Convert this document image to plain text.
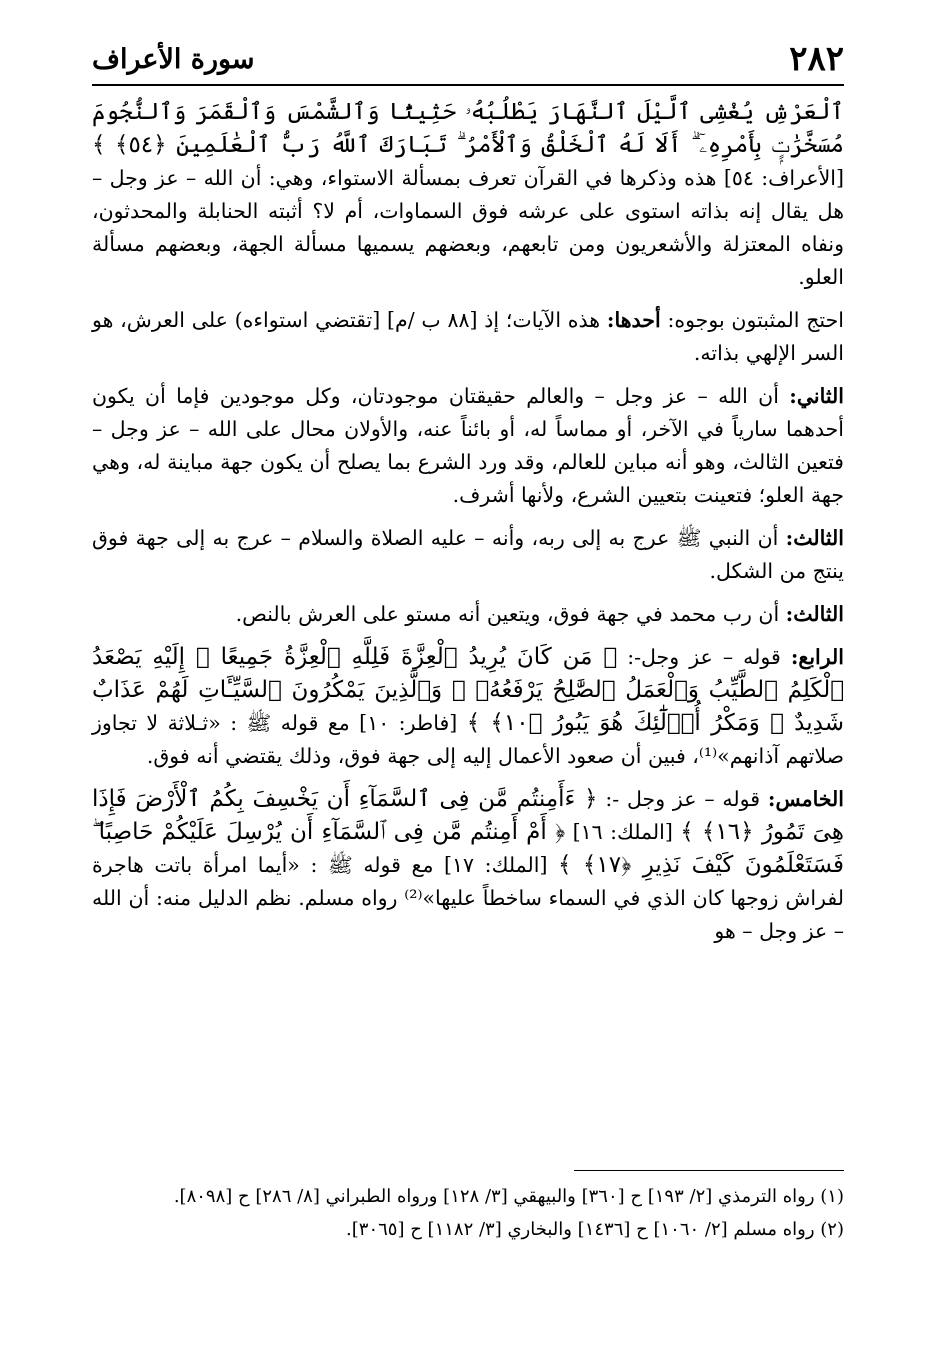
٢٨٢
سورة الأعراف

ٱلْعَرْشِ يُغْشِى ٱلَّيْلَ ٱلنَّهَارَ يَطْلُبُهُۥ حَثِيثًا وَٱلشَّمْسَ وَٱلْقَمَرَ وَٱلنُّجُومَ مُسَخَّرَٰتٍۭ بِأَمْرِهِۦٓ ۗ أَلَا لَهُ ٱلْخَلْقُ وَٱلْأَمْرُ ۗ تَبَارَكَ ٱللَّهُ رَبُّ ٱلْعَٰلَمِينَ ﴿٥٤﴾ ﴾ [الأعراف: ٥٤] هذه وذكرها في القرآن تعرف بمسألة الاستواء، وهي: أن الله – عز وجل – هل يقال إنه بذاته استوى على عرشه فوق السماوات، أم لا؟ أثبته الحنابلة والمحدثون، ونفاه المعتزلة والأشعريون ومن تابعهم، وبعضهم يسميها مسألة الجهة، وبعضهم مسألة العلو.

احتج المثبتون بوجوه: أحدها: هذه الآيات؛ إذ [٨٨ ب /م] [تقتضي استواءه) على العرش، هو السر الإلهي بذاته.

الثاني: أن الله – عز وجل – والعالم حقيقتان موجودتان، وكل موجودين فإما أن يكون أحدهما سارياً في الآخر، أو مماساً له، أو بائناً عنه، والأولان محال على الله – عز وجل – فتعين الثالث، وهو أنه مباين للعالم، وقد ورد الشرع بما يصلح أن يكون جهة مباينة له، وهي جهة العلو؛ فتعينت بتعيين الشرع، ولأنها أشرف.

الثالث: أن النبي ﷺ عرج به إلى ربه، وأنه – عليه الصلاة والسلام – عرج به إلى جهة فوق ينتج من الشكل.

الثالث: أن رب محمد في جهة فوق، ويتعين أنه مستو على العرش بالنص.

الرابع: قوله – عز وجل-: ﴿ مَن كَانَ يُرِيدُ ٱلْعِزَّةَ فَلِلَّهِ ٱلْعِزَّةُ جَمِيعًا ۚ إِلَيْهِ يَصْعَدُ ٱلْكَلِمُ ٱلطَّيِّبُ وَٱلْعَمَلُ ٱلصَّٰلِحُ يَرْفَعُهُۥ ۚ وَٱلَّذِينَ يَمْكُرُونَ ٱلسَّيِّـَٔاتِ لَهُمْ عَذَابٌ شَدِيدٌ ۖ وَمَكْرُ أُو۟لَٰٓئِكَ هُوَ يَبُورُ ﴿١٠﴾ ﴾ [فاطر: ١٠] مع قوله ﷺ : «ثـلاثة لا تجاوز صلاتهم آذانهم»⁽¹⁾، فبين أن صعود الأعمال إليه إلى جهة فوق، وذلك يقتضي أنه فوق.

الخامس: قوله – عز وجل -: ﴿ ءَأَمِنتُم مَّن فِى ٱلسَّمَآءِ أَن يَخْسِفَ بِكُمُ ٱلْأَرْضَ فَإِذَا هِىَ تَمُورُ ﴿١٦﴾ ﴾ [الملك: ١٦] ﴿ أَمْ أَمِنتُم مَّن فِى ٱلسَّمَآءِ أَن يُرْسِلَ عَلَيْكُمْ حَاصِبًا ۖ فَسَتَعْلَمُونَ كَيْفَ نَذِيرِ ﴿١٧﴾ ﴾ [الملك: ١٧] مع قوله ﷺ : «أيما امرأة باتت هاجرة لفراش زوجها كان الذي في السماء ساخطاً عليها»⁽²⁾ رواه مسلم. نظم الدليل منه: أن الله – عز وجل – هو

(١) رواه الترمذي [٢/ ١٩٣] ح [٣٦٠] والبيهقي [٣/ ١٢٨] ورواه الطبراني [٨/ ٢٨٦] ح [٨٠٩٨].

(٢) رواه مسلم [٢/ ١٠٦٠] ح [١٤٣٦] والبخاري [٣/ ١١٨٢] ح [٣٠٦٥].
